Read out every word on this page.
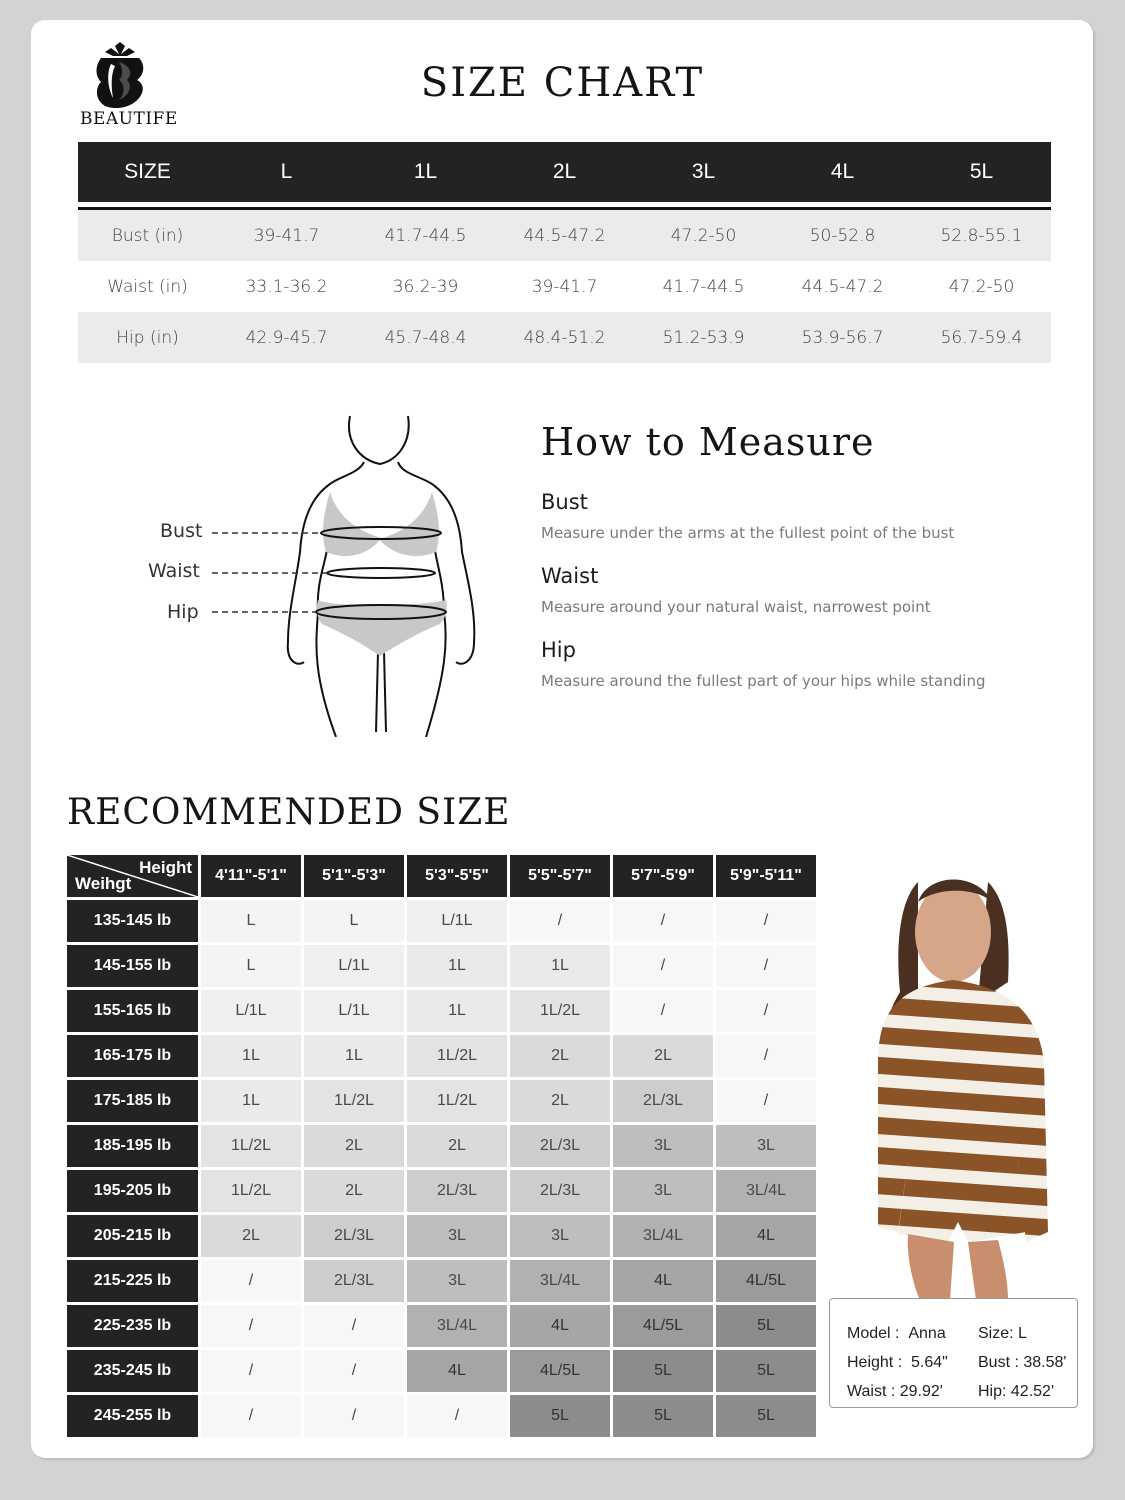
BEAUTIFE
SIZE CHART
SIZE	L	1L	2L	3L	4L	5L
Bust (in)	39-41.7	41.7-44.5	44.5-47.2	47.2-50	50-52.8	52.8-55.1
Waist (in)	33.1-36.2	36.2-39	39-41.7	41.7-44.5	44.5-47.2	47.2-50
Hip (in)	42.9-45.7	45.7-48.4	48.4-51.2	51.2-53.9	53.9-56.7	56.7-59.4
Bust
Waist
Hip
How to Measure
Bust
Measure under the arms at the fullest point of the bust
Waist
Measure around your natural waist, narrowest point
Hip
Measure around the fullest part of your hips while standing
RECOMMENDED SIZE
Height
Weihgt	4'11"-5'1"	5'1"-5'3"	5'3"-5'5"	5'5"-5'7"	5'7"-5'9"	5'9"-5'11"
135-145 lb	L	L	L/1L	/	/	/
145-155 lb	L	L/1L	1L	1L	/	/
155-165 lb	L/1L	L/1L	1L	1L/2L	/	/
165-175 lb	1L	1L	1L/2L	2L	2L	/
175-185 lb	1L	1L/2L	1L/2L	2L	2L/3L	/
185-195 lb	1L/2L	2L	2L	2L/3L	3L	3L
195-205 lb	1L/2L	2L	2L/3L	2L/3L	3L	3L/4L
205-215 lb	2L	2L/3L	3L	3L	3L/4L	4L
215-225 lb	/	2L/3L	3L	3L/4L	4L	4L/5L
225-235 lb	/	/	3L/4L	4L	4L/5L	5L
235-245 lb	/	/	4L	4L/5L	5L	5L
245-255 lb	/	/	/	5L	5L	5L
Model : Anna
Height : 5.64"
Waist : 29.92'
Size: L
Bust : 38.58'
Hip: 42.52'
